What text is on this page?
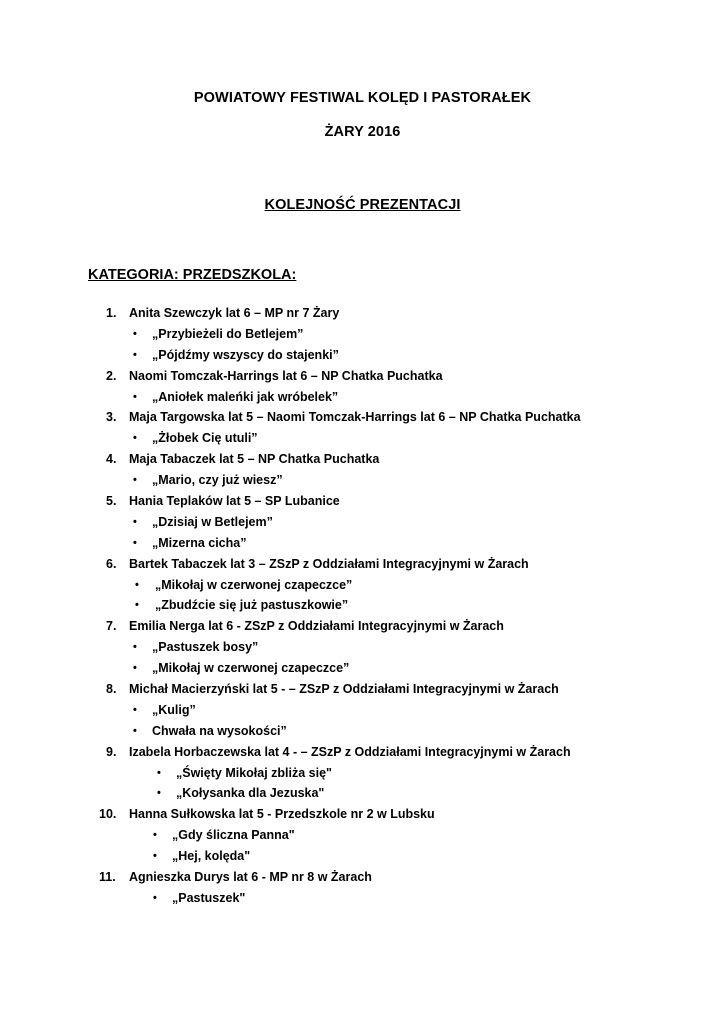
POWIATOWY FESTIWAL KOLĘD I PASTORAŁEK
ŻARY 2016
KOLEJNOŚĆ PREZENTACJI
KATEGORIA: PRZEDSZKOLA:
1. Anita Szewczyk lat 6 – MP nr 7 Żary
• „Przybieżeli do Betlejem”
• „Pójdźmy wszyscy do stajenki”
2. Naomi Tomczak-Harrings lat 6 – NP Chatka Puchatka
• „Aniołek maleńki jak wróbelek”
3. Maja Targowska lat 5 – Naomi Tomczak-Harrings lat 6 – NP Chatka Puchatka
• „Żłobek Cię utuli”
4. Maja Tabaczek lat 5 – NP Chatka Puchatka
• „Mario, czy już wiesz”
5. Hania Teplaków lat 5 – SP Lubanice
• „Dzisiaj w Betlejem”
• „Mizerna cicha”
6. Bartek Tabaczek lat 3 – ZSzP z Oddziałami Integracyjnymi w Żarach
• „Mikołaj w czerwonej czapeczce”
• „Zbudźcie się już pastuszkowie”
7. Emilia Nerga lat 6 - ZSzP z Oddziałami Integracyjnymi w Żarach
• „Pastuszek bosy”
• „Mikołaj w czerwonej czapeczce”
8. Michał Macierzyński lat 5 - – ZSzP z Oddziałami Integracyjnymi w Żarach
• „Kulig”
• Chwała na wysokości”
9. Izabela Horbaczewska lat 4 - – ZSzP z Oddziałami Integracyjnymi w Żarach
• „Święty Mikołaj zbliża się"
• „Kołysanka dla Jezuska"
10. Hanna Sułkowska lat 5 - Przedszkole nr 2 w Lubsku
• „Gdy śliczna Panna"
• „Hej, kolęda"
11. Agnieszka Durys lat 6 - MP nr 8 w Żarach
• „Pastuszek"
